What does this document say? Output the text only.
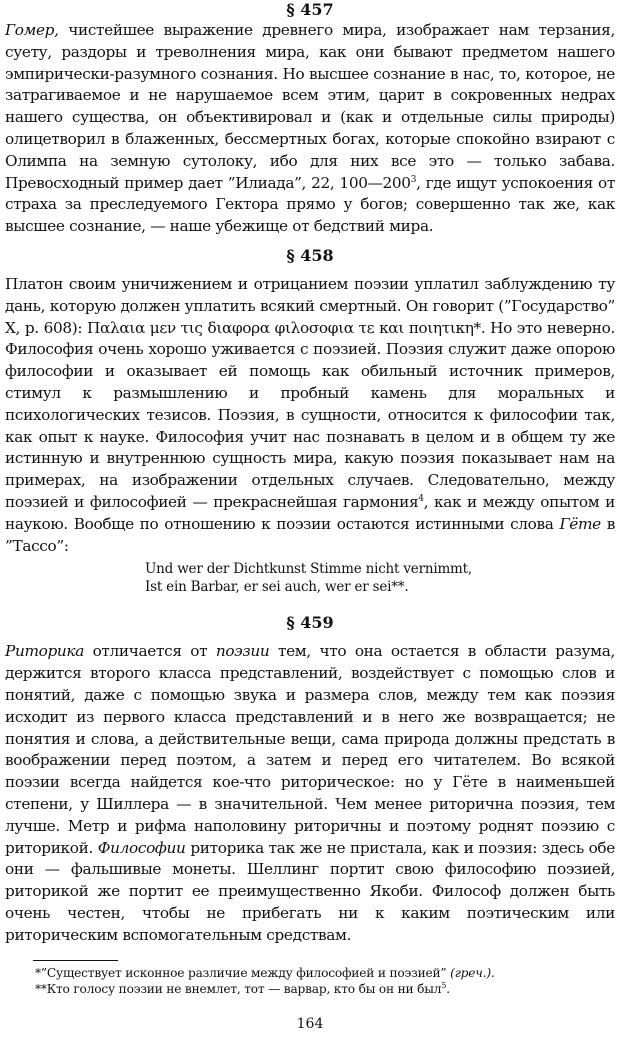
§ 457

Гомер, чистейшее выражение древнего мира, изображает нам терзания, суету, раздоры и треволнения мира, как они бывают предметом нашего эмпирически-разумного сознания. Но высшее сознание в нас, то, которое, не затрагиваемое и не нарушаемое всем этим, царит в сокровенных недрах нашего существа, он объективировал и (как и отдельные силы природы) олицетворил в блаженных, бессмертных богах, которые спокойно взирают с Олимпа на земную сутолоку, ибо для них все это — только забава. Превосходный пример дает ”Илиада”, 22, $100—200^3$, где ищут успокоения от страха за преследуемого Гектора прямо у богов; совершенно так же, как высшее сознание, — наше убежище от бедствий мира.

§ 458

Платон своим уничижением и отрицанием поэзии уплатил заблуждению ту дань, которую должен уплатить всякий смертный. Он говорит (”Государство” X, p. 608): Παλαια μεν τις διαφορα φιλοσοφια τε και ποιητικη*. Но это неверно. Философия очень хорошо уживается с поэзией. Поэзия служит даже опорою философии и оказывает ей помощь как обильный источник примеров, стимул к размышлению и пробный камень для моральных и психологических тезисов. Поэзия, в сущности, относится к философии так, как опыт к науке. Философия учит нас познавать в целом и в общем ту же истинную и внутреннюю сущность мира, какую поэзия показывает нам на примерах, на изображении отдельных случаев. Следовательно, между поэзией и философией — прекраснейшая гармония$^4$, как и между опытом и наукою. Вообще по отношению к поэзии остаются истинными слова Гёте в ”Тассо”:

Und wer der Dichtkunst Stimme nicht vernimmt,
Ist ein Barbar, er sei auch, wer er sei**.
§ 459

Риторика отличается от поэзии тем, что она остается в области разума, держится второго класса представлений, воздействует с помощью слов и понятий, даже с помощью звука и размера слов, между тем как поэзия исходит из первого класса представлений и в него же возвращается; не понятия и слова, а действительные вещи, сама природа должны предстать в воображении перед поэтом, а затем и перед его читателем. Во всякой поэзии всегда найдется кое-что риторическое: но у Гёте в наименьшей степени, у Шиллера — в значительной. Чем менее риторична поэзия, тем лучше. Метр и рифма наполовину риторичны и поэтому роднят поэзию с риторикой. Философии риторика так же не пристала, как и поэзия: здесь обе они — фальшивые монеты. Шеллинг портит свою философию поэзией, риторикой же портит ее преимущественно Якоби. Философ должен быть очень честен, чтобы не прибегать ни к каким поэтическим или риторическим вспомогательным средствам.

*”Существует исконное различие между философией и поэзией” (греч.).
**Кто голосу поэзии не внемлет, тот — варвар, кто бы он ни был$^5$.
164
